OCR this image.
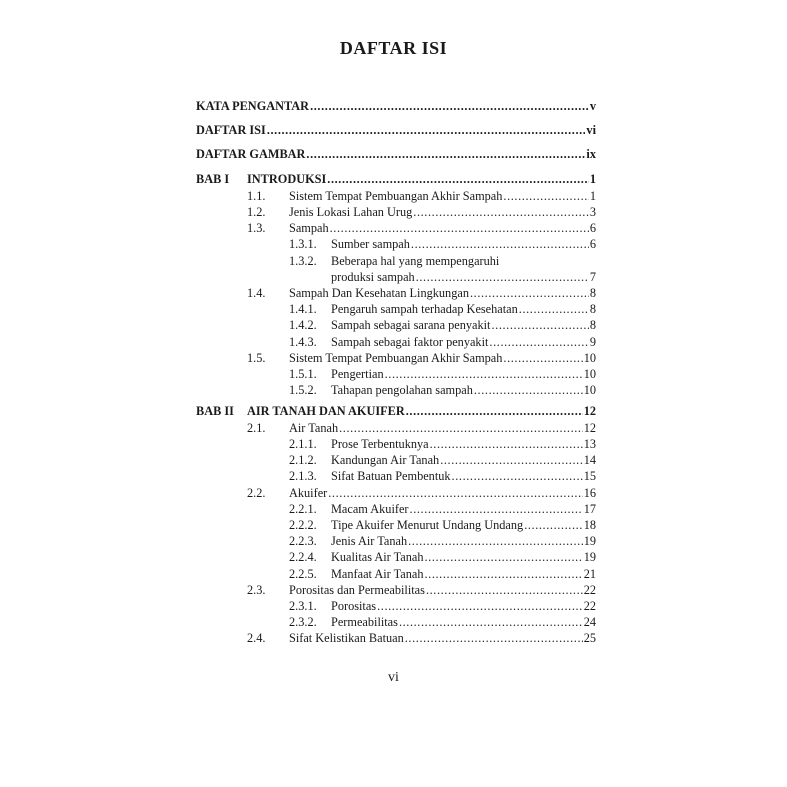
DAFTAR ISI
KATA PENGANTAR .....	v
DAFTAR ISI .....	vi
DAFTAR GAMBAR .....	ix
BAB I	INTRODUKSI .....	1
1.1.	Sistem Tempat Pembuangan Akhir Sampah .....	1
1.2.	Jenis Lokasi Lahan Urug .....	3
1.3.	Sampah .....	6
1.3.1.	Sumber sampah .....	6
1.3.2. Beberapa hal yang mempengaruhi
produksi sampah .....	7
1.4.	Sampah Dan Kesehatan Lingkungan .....	8
1.4.1.	Pengaruh sampah terhadap Kesehatan .....	8
1.4.2.	Sampah sebagai sarana penyakit .....	8
1.4.3.	Sampah sebagai faktor penyakit .....	9
1.5.	Sistem Tempat Pembuangan Akhir Sampah .....	10
1.5.1.	Pengertian .....	10
1.5.2.	Tahapan pengolahan sampah .....	10
BAB II	AIR TANAH DAN AKUIFER .....	12
2.1.	Air Tanah .....	12
2.1.1.	Prose Terbentuknya .....	13
2.1.2.	Kandungan Air Tanah .....	14
2.1.3.	Sifat Batuan Pembentuk .....	15
2.2.	Akuifer .....	16
2.2.1.	Macam Akuifer .....	17
2.2.2.	Tipe Akuifer Menurut Undang Undang .....	18
2.2.3.	Jenis Air Tanah .....	19
2.2.4.	Kualitas Air Tanah .....	19
2.2.5.	Manfaat Air Tanah .....	21
2.3.	Porositas dan Permeabilitas .....	22
2.3.1.	Porositas .....	22
2.3.2.	Permeabilitas .....	24
2.4.	Sifat Kelistikan Batuan .....	25
vi
